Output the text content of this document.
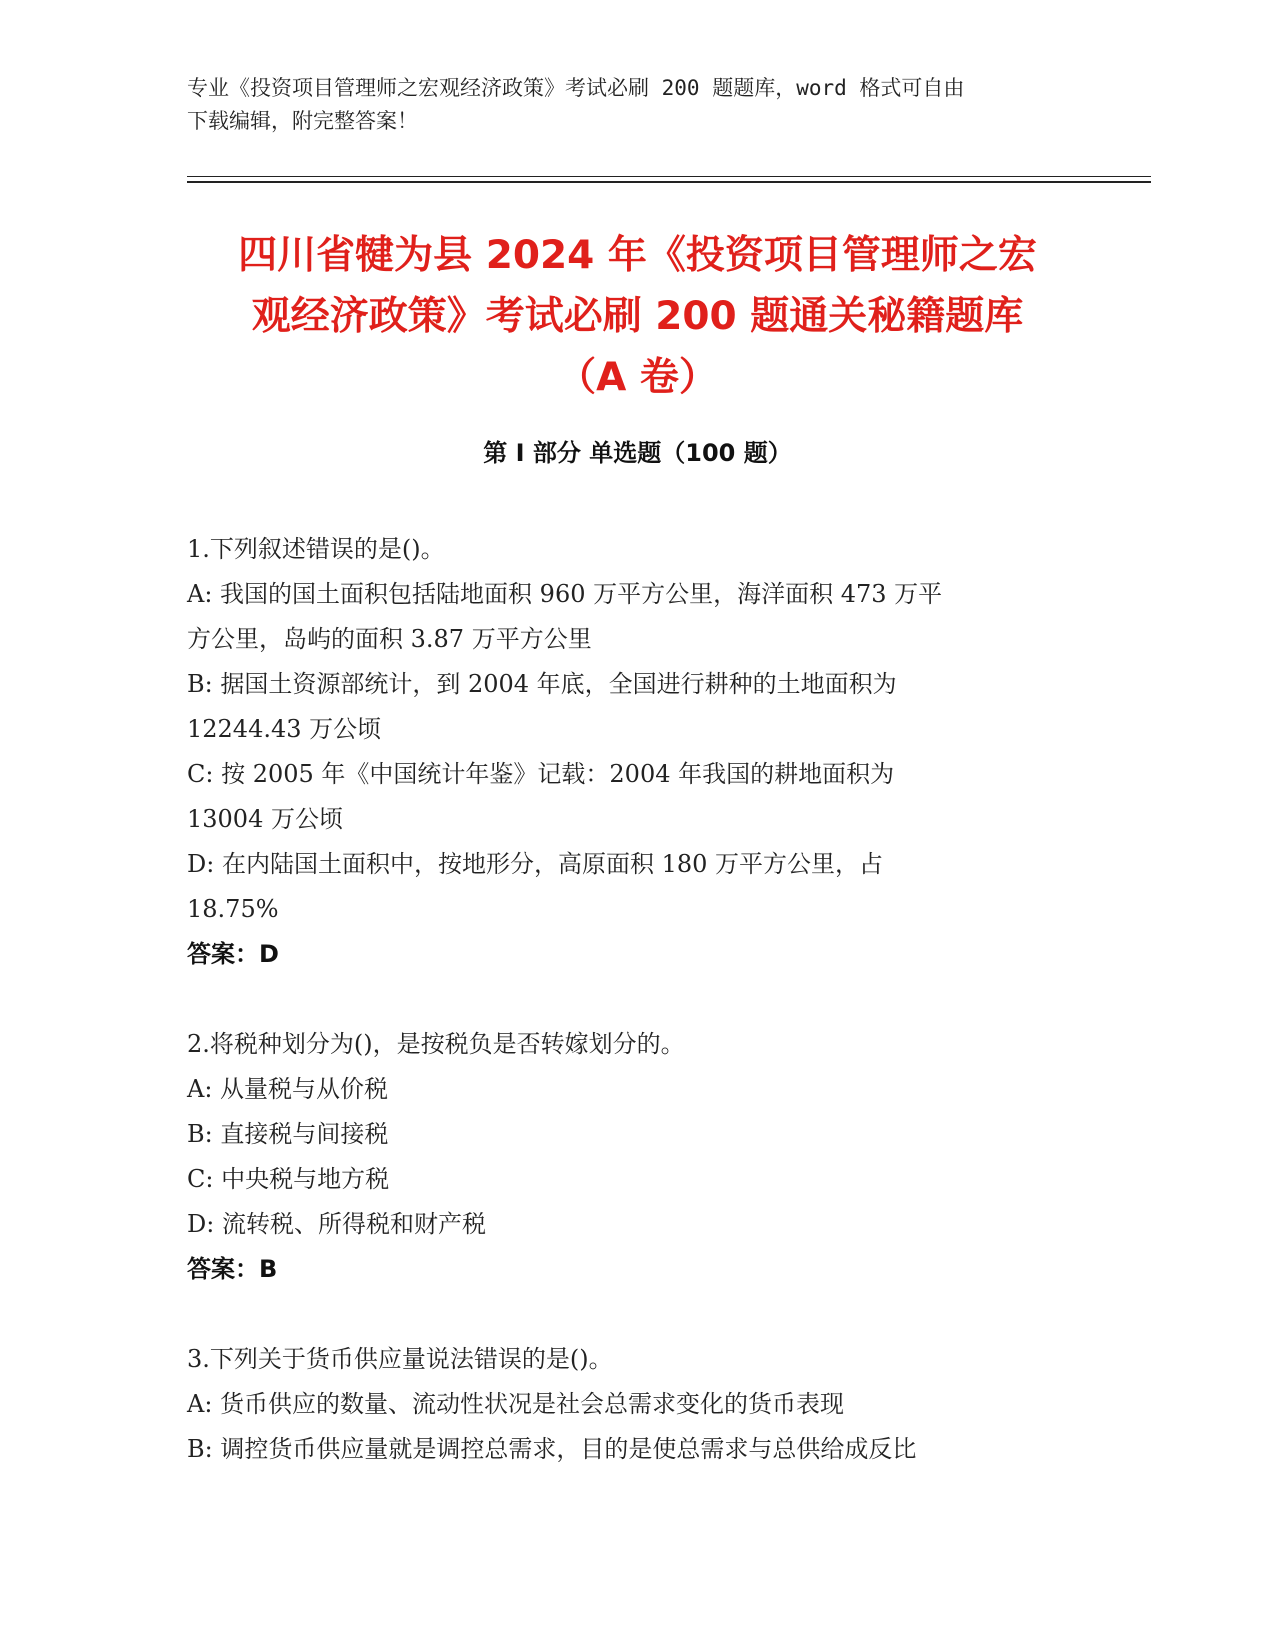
专业《投资项目管理师之宏观经济政策》考试必刷 200 题题库，word 格式可自由
下载编辑，附完整答案！

四川省犍为县 2024 年《投资项目管理师之宏
观经济政策》考试必刷 200 题通关秘籍题库
（A 卷）
第 I 部分 单选题（100 题）

1.下列叙述错误的是()。

A: 我国的国土面积包括陆地面积 960 万平方公里，海洋面积 473 万平

方公里，岛屿的面积 3.87 万平方公里

B: 据国土资源部统计，到 2004 年底，全国进行耕种的土地面积为

12244.43 万公顷

C: 按 2005 年《中国统计年鉴》记载：2004 年我国的耕地面积为

13004 万公顷

D: 在内陆国土面积中，按地形分，高原面积 180 万平方公里，占

18.75%

答案：D

2.将税种划分为()，是按税负是否转嫁划分的。

A: 从量税与从价税

B: 直接税与间接税

C: 中央税与地方税

D: 流转税、所得税和财产税

答案：B

3.下列关于货币供应量说法错误的是()。

A: 货币供应的数量、流动性状况是社会总需求变化的货币表现

B: 调控货币供应量就是调控总需求，目的是使总需求与总供给成反比
